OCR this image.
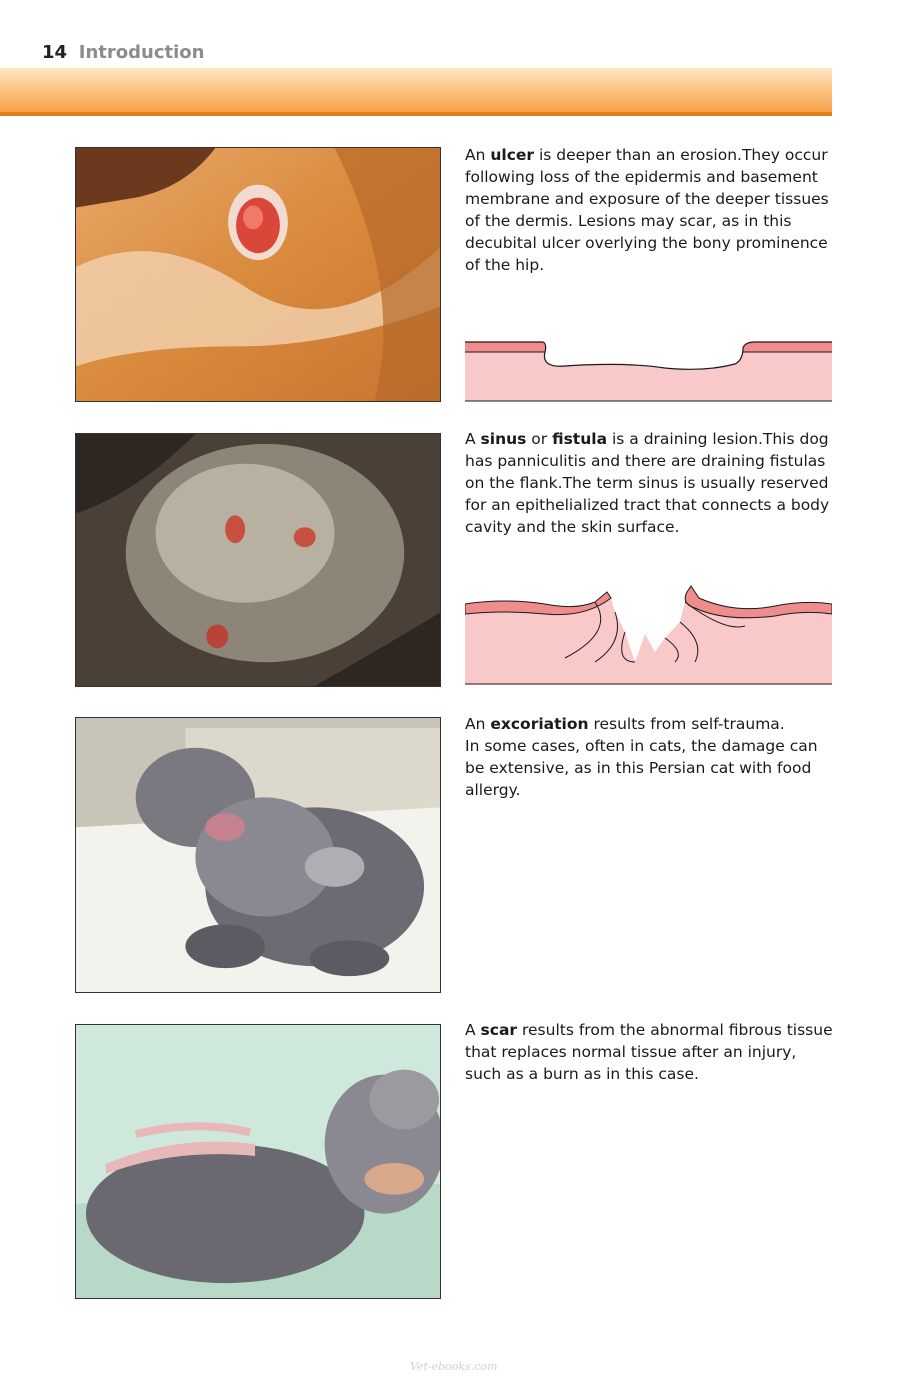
14 Introduction
An ulcer is deeper than an erosion.They occur following loss of the epidermis and basement membrane and exposure of the deeper tissues of the dermis. Lesions may scar, as in this decubital ulcer overlying the bony prominence of the hip.
A sinus or fistula is a draining lesion.This dog has panniculitis and there are draining fistulas on the flank.The term sinus is usually reserved for an epithelialized tract that connects a body cavity and the skin surface.
An excoriation results from self-trauma.
In some cases, often in cats, the damage can be extensive, as in this Persian cat with food allergy.
A scar results from the abnormal fibrous tissue that replaces normal tissue after an injury, such as a burn as in this case.
Vet-ebooks.com
